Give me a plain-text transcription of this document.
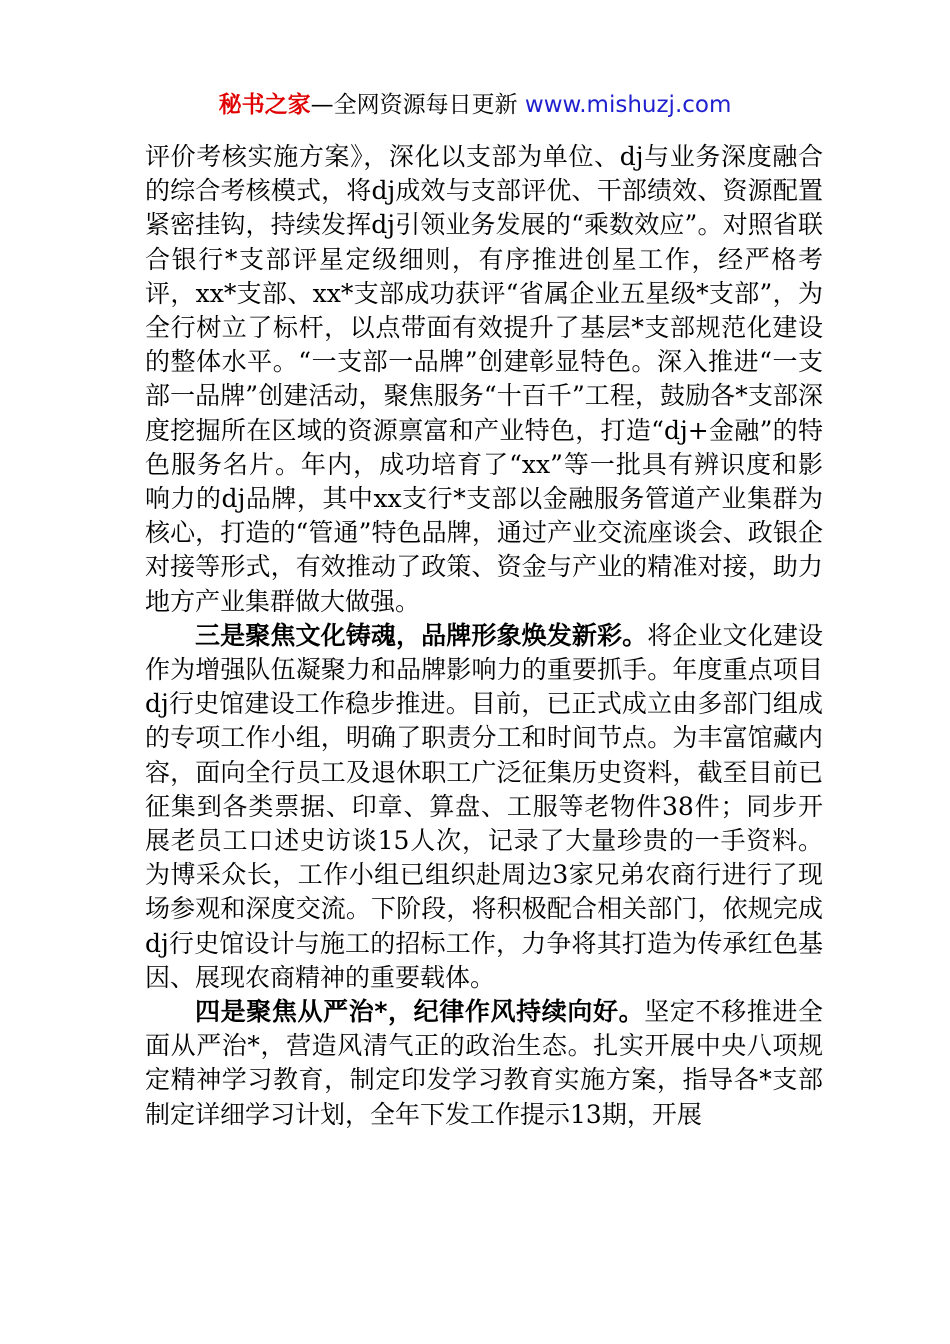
秘书之家—全网资源每日更新 www.mishuzj.com

评价考核实施方案》，深化以支部为单位、dj与业务深度融合的综合考核模式，将dj成效与支部评优、干部绩效、资源配置紧密挂钩，持续发挥dj引领业务发展的“乘数效应”。对照省联合银行*支部评星定级细则，有序推进创星工作，经严格考评，xx*支部、xx*支部成功获评“省属企业五星级*支部”，为全行树立了标杆，以点带面有效提升了基层*支部规范化建设的整体水平。“一支部一品牌”创建彰显特色。深入推进“一支部一品牌”创建活动，聚焦服务“十百千”工程，鼓励各*支部深度挖掘所在区域的资源禀富和产业特色，打造“dj+金融”的特色服务名片。年内，成功培育了“xx”等一批具有辨识度和影响力的dj品牌，其中xx支行*支部以金融服务管道产业集群为核心，打造的“管通”特色品牌，通过产业交流座谈会、政银企对接等形式，有效推动了政策、资金与产业的精准对接，助力地方产业集群做大做强。

三是聚焦文化铸魂，品牌形象焕发新彩。将企业文化建设作为增强队伍凝聚力和品牌影响力的重要抓手。年度重点项目dj行史馆建设工作稳步推进。目前，已正式成立由多部门组成的专项工作小组，明确了职责分工和时间节点。为丰富馆藏内容，面向全行员工及退休职工广泛征集历史资料，截至目前已征集到各类票据、印章、算盘、工服等老物件38件；同步开展老员工口述史访谈15人次，记录了大量珍贵的一手资料。为博采众长，工作小组已组织赴周边3家兄弟农商行进行了现场参观和深度交流。下阶段，将积极配合相关部门，依规完成dj行史馆设计与施工的招标工作，力争将其打造为传承红色基因、展现农商精神的重要载体。

四是聚焦从严治*，纪律作风持续向好。坚定不移推进全面从严治*，营造风清气正的政治生态。扎实开展中央八项规定精神学习教育，制定印发学习教育实施方案，指导各*支部制定详细学习计划，全年下发工作提示13期，开展
